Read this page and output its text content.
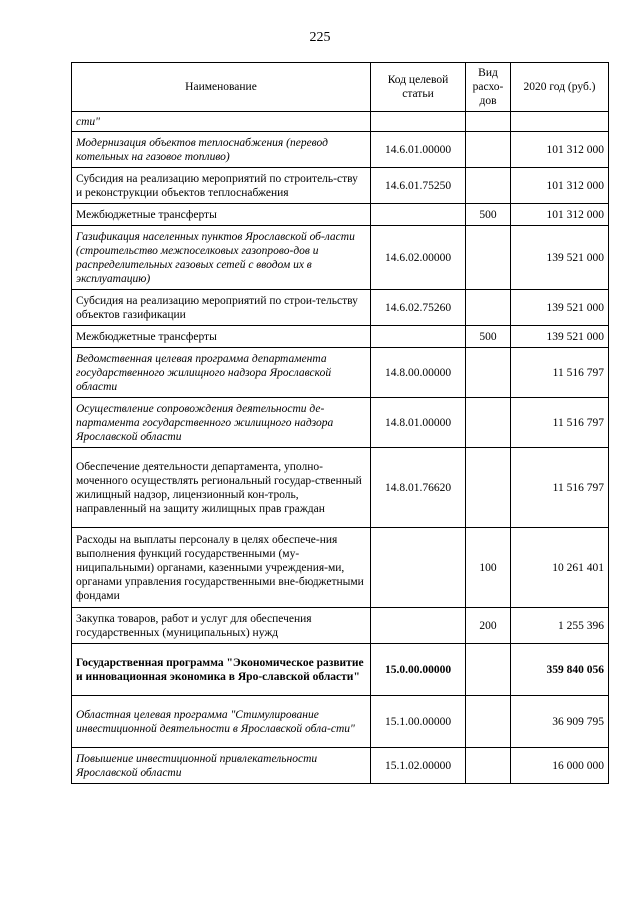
225
Наименование	Код целевой статьи	Вид расхо-дов	2020 год (руб.)
сти"			
Модернизация объектов теплоснабжения (перевод котельных на газовое топливо)	14.6.01.00000		101 312 000
Субсидия на реализацию мероприятий по строитель-ству и реконструкции объектов теплоснабжения	14.6.01.75250		101 312 000
Межбюджетные трансферты		500	101 312 000
Газификация населенных пунктов Ярославской об-ласти (строительство межпоселковых газопрово-дов и распределительных газовых сетей с вводом их в эксплуатацию)	14.6.02.00000		139 521 000
Субсидия на реализацию мероприятий по строи-тельству объектов газификации	14.6.02.75260		139 521 000
Межбюджетные трансферты		500	139 521 000
Ведомственная целевая программа департамента государственного жилищного надзора Ярославской области	14.8.00.00000		11 516 797
Осуществление сопровождения деятельности де-партамента государственного жилищного надзора Ярославской области	14.8.01.00000		11 516 797
Обеспечение деятельности департамента, уполно-моченного осуществлять региональный государ-ственный жилищный надзор, лицензионный кон-троль, направленный на защиту жилищных прав граждан	14.8.01.76620		11 516 797
Расходы на выплаты персоналу в целях обеспече-ния выполнения функций государственными (му-ниципальными) органами, казенными учреждения-ми, органами управления государственными вне-бюджетными фондами		100	10 261 401
Закупка товаров, работ и услуг для обеспечения государственных (муниципальных) нужд		200	1 255 396
Государственная программа "Экономическое развитие и инновационная экономика в Яро-славской области"	15.0.00.00000		359 840 056
Областная целевая программа "Стимулирование инвестиционной деятельности в Ярославской обла-сти"	15.1.00.00000		36 909 795
Повышение инвестиционной привлекательности Ярославской области	15.1.02.00000		16 000 000
